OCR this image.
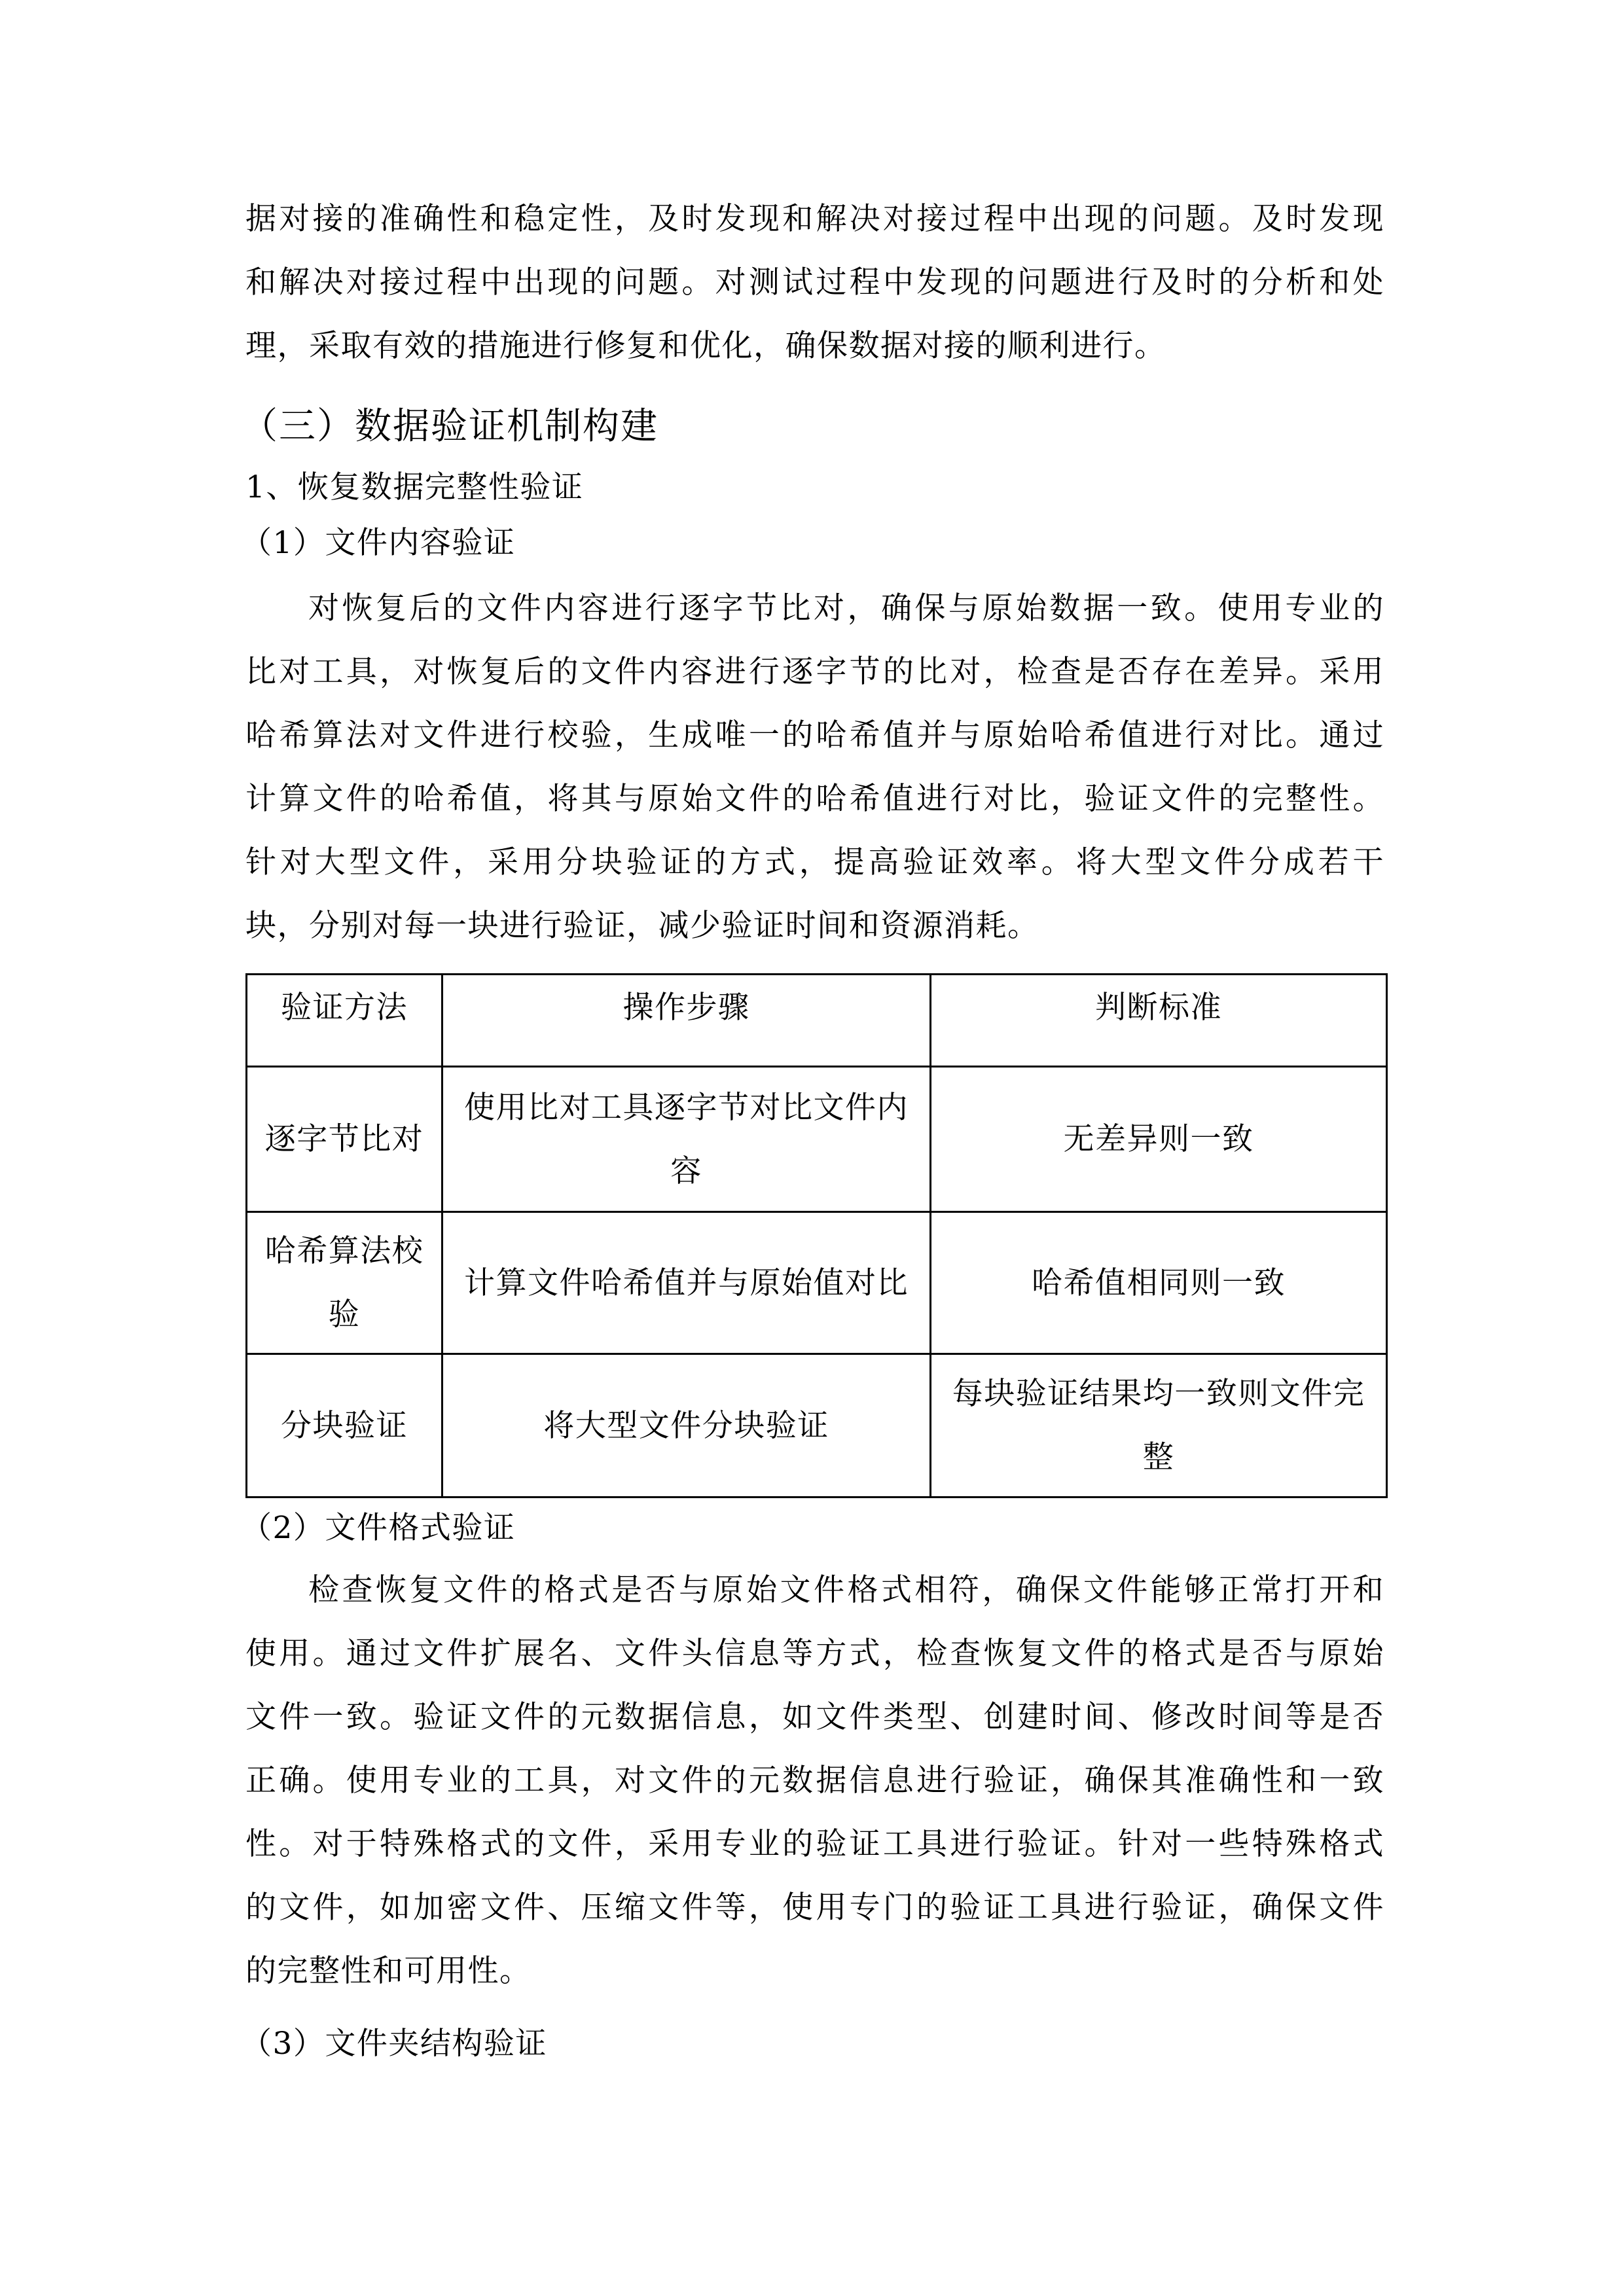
据对接的准确性和稳定性，及时发现和解决对接过程中出现的问题。及时发现
和解决对接过程中出现的问题。对测试过程中发现的问题进行及时的分析和处
理，采取有效的措施进行修复和优化，确保数据对接的顺利进行。
（三）数据验证机制构建
1、恢复数据完整性验证
（1）文件内容验证
对恢复后的文件内容进行逐字节比对，确保与原始数据一致。使用专业的
比对工具，对恢复后的文件内容进行逐字节的比对，检查是否存在差异。采用
哈希算法对文件进行校验，生成唯一的哈希值并与原始哈希值进行对比。通过
计算文件的哈希值，将其与原始文件的哈希值进行对比，验证文件的完整性。
针对大型文件，采用分块验证的方式，提高验证效率。将大型文件分成若干
块，分别对每一块进行验证，减少验证时间和资源消耗。
验证方法	操作步骤	判断标准
逐字节比对	使用比对工具逐字节对比文件内容	无差异则一致
哈希算法校验	计算文件哈希值并与原始值对比	哈希值相同则一致
分块验证	将大型文件分块验证	每块验证结果均一致则文件完整
（2）文件格式验证
检查恢复文件的格式是否与原始文件格式相符，确保文件能够正常打开和
使用。通过文件扩展名、文件头信息等方式，检查恢复文件的格式是否与原始
文件一致。验证文件的元数据信息，如文件类型、创建时间、修改时间等是否
正确。使用专业的工具，对文件的元数据信息进行验证，确保其准确性和一致
性。对于特殊格式的文件，采用专业的验证工具进行验证。针对一些特殊格式
的文件，如加密文件、压缩文件等，使用专门的验证工具进行验证，确保文件
的完整性和可用性。
（3）文件夹结构验证
